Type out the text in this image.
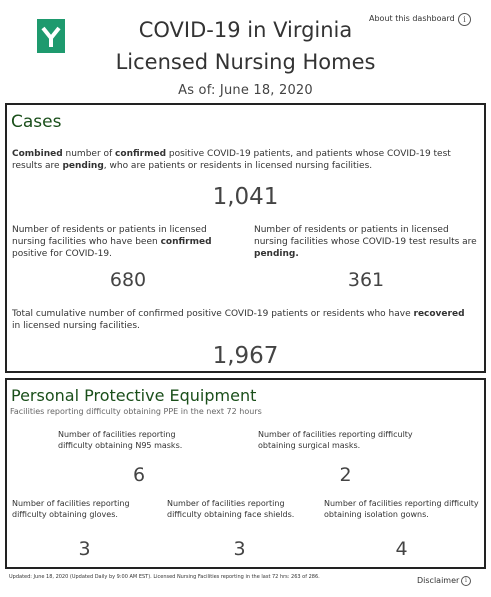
COVID-19 in Virginia
Licensed Nursing Homes
As of: June 18, 2020
About this dashboard	i
Cases
Combined number of confirmed positive COVID-19 patients, and patients whose COVID-19 test results are pending, who are patients or residents in licensed nursing facilities.
1,041
Number of residents or patients in licensed nursing facilities who have been confirmed positive for COVID-19.
680
Number of residents or patients in licensed nursing facilities whose COVID-19 test results are pending.
361
Total cumulative number of confirmed positive COVID-19 patients or residents who have recovered in licensed nursing facilities.
1,967
Personal Protective Equipment
Facilities reporting difficulty obtaining PPE in the next 72 hours
Number of facilities reporting difficulty obtaining N95 masks.
6
Number of facilities reporting difficulty obtaining surgical masks.
2
Number of facilities reporting difficulty obtaining gloves.
3
Number of facilities reporting difficulty obtaining face shields.
3
Number of facilities reporting difficulty obtaining isolation gowns.
4
Updated: June 18, 2020 (Updated Daily by 9:00 AM EST). Licensed Nursing Facilities reporting in the last 72 hrs: 263 of 286.	Disclaimer i
